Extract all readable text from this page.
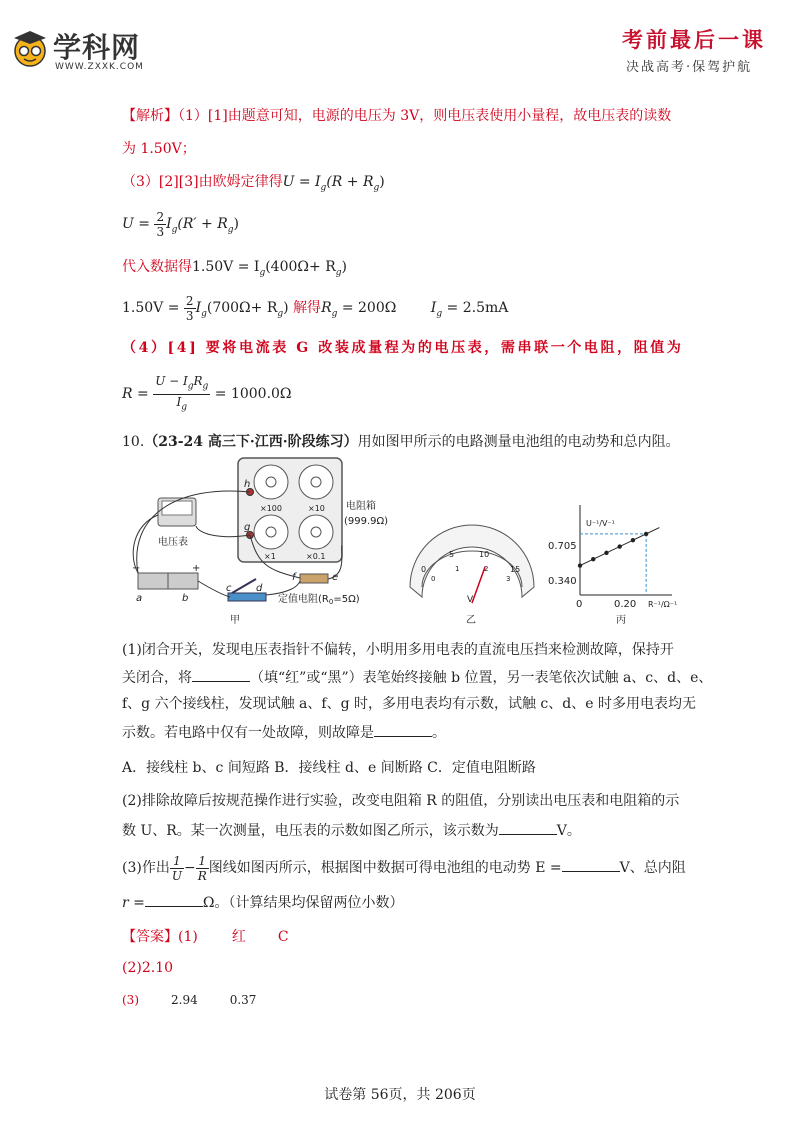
学科网
WWW.ZXXK.COM
考前最后一课
决战高考·保驾护航
【解析】（1）[1]由题意可知，电源的电压为 3V，则电压表使用小量程，故电压表的读数
为 1.50V；
（3）[2][3]由欧姆定律得$U = I_g(R + R_g)$
$U = \frac{2}{3} I_g(R' + R_g)$
代入数据得$1.50V = I_g(400\Omega+ R_g)$
$1.50V = \frac{2}{3} I_g(700\Omega+ R_g)$ 解得$R_g = 200\Omega$ $I_g = 2.5mA$
（4）[4] 要将电流表 G 改装成量程为的电压表，需串联一个电阻，阻值为
$R = \frac{U - I_gR_g}{I_g} = 1000.0\Omega$
10.（23-24 高三下·江西·阶段练习）用如图甲所示的电路测量电池组的电动势和总内阻。
×100	×10
×1	×0.1
h
g
电阻箱
(999.9Ω)
电压表
−	+
a	b
c d
f	e
定值电阻$(R_0=5\Omega)$
甲
0
5	10
15
0
1	2
3
V
乙
U⁻¹/V⁻¹
R⁻¹/Ω⁻¹
0.705
0.340
0	0.20
丙
(1)闭合开关，发现电压表指针不偏转，小明用多用电表的直流电压挡来检测故障，保持开
关闭合，将	（填“红”或“黑”）表笔始终接触 b 位置，另一表笔依次试触 a、c、d、e、
f、g 六个接线柱，发现试触 a、f、g 时，多用电表均有示数，试触 c、d、e 时多用电表均无
示数。若电路中仅有一处故障，则故障是	。
A．接线柱 b、c 间短路 B．接线柱 d、e 间断路 C．定值电阻断路
(2)排除故障后按规范操作进行实验，改变电阻箱 R 的阻值，分别读出电压表和电阻箱的示
数 U、R。某一次测量，电压表的示数如图乙所示，该示数为	V。
(3)作出 $\frac{1}{U} - \frac{1}{R}$ 图线如图丙所示，根据图中数据可得电池组的电动势 E =	V、总内阻
r =	Ω。（计算结果均保留两位小数）
【答案】(1) 红 C
(2)2.10
(3)	2.94	0.37
试卷第 56页，共 206页
